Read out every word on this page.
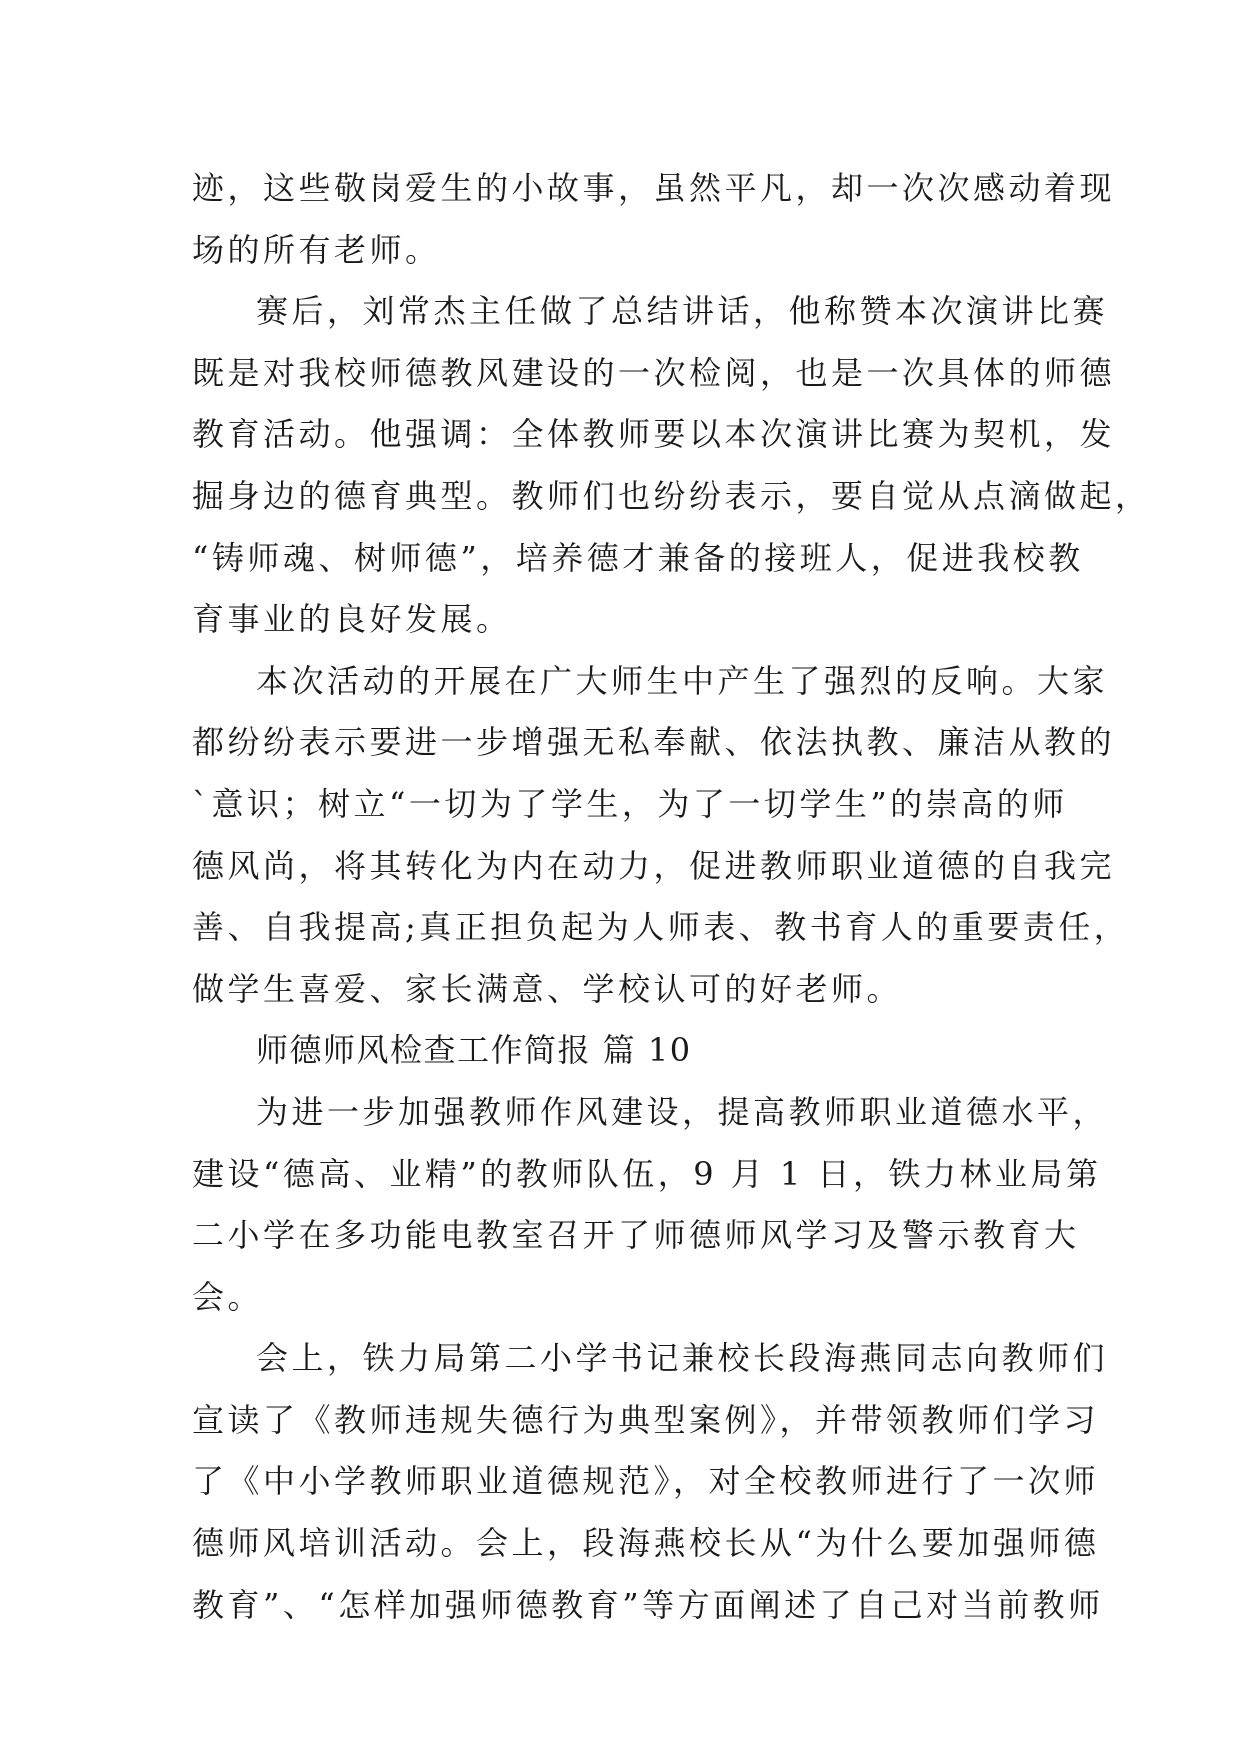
迹，这些敬岗爱生的小故事，虽然平凡，却一次次感动着现
场的所有老师。
赛后，刘常杰主任做了总结讲话，他称赞本次演讲比赛
既是对我校师德教风建设的一次检阅，也是一次具体的师德
教育活动。他强调：全体教师要以本次演讲比赛为契机，发
掘身边的德育典型。教师们也纷纷表示，要自觉从点滴做起，
“铸师魂、树师德”，培养德才兼备的接班人，促进我校教
育事业的良好发展。
本次活动的开展在广大师生中产生了强烈的反响。大家
都纷纷表示要进一步增强无私奉献、依法执教、廉洁从教的
`意识；树立“一切为了学生，为了一切学生”的崇高的师
德风尚，将其转化为内在动力，促进教师职业道德的自我完
善、自我提高;真正担负起为人师表、教书育人的重要责任，
做学生喜爱、家长满意、学校认可的好老师。
师德师风检查工作简报 篇 10
为进一步加强教师作风建设，提高教师职业道德水平，
建设“德高、业精”的教师队伍，9 月 1 日，铁力林业局第
二小学在多功能电教室召开了师德师风学习及警示教育大
会。
会上，铁力局第二小学书记兼校长段海燕同志向教师们
宣读了《教师违规失德行为典型案例》，并带领教师们学习
了《中小学教师职业道德规范》，对全校教师进行了一次师
德师风培训活动。会上，段海燕校长从“为什么要加强师德
教育”、“怎样加强师德教育”等方面阐述了自己对当前教师
